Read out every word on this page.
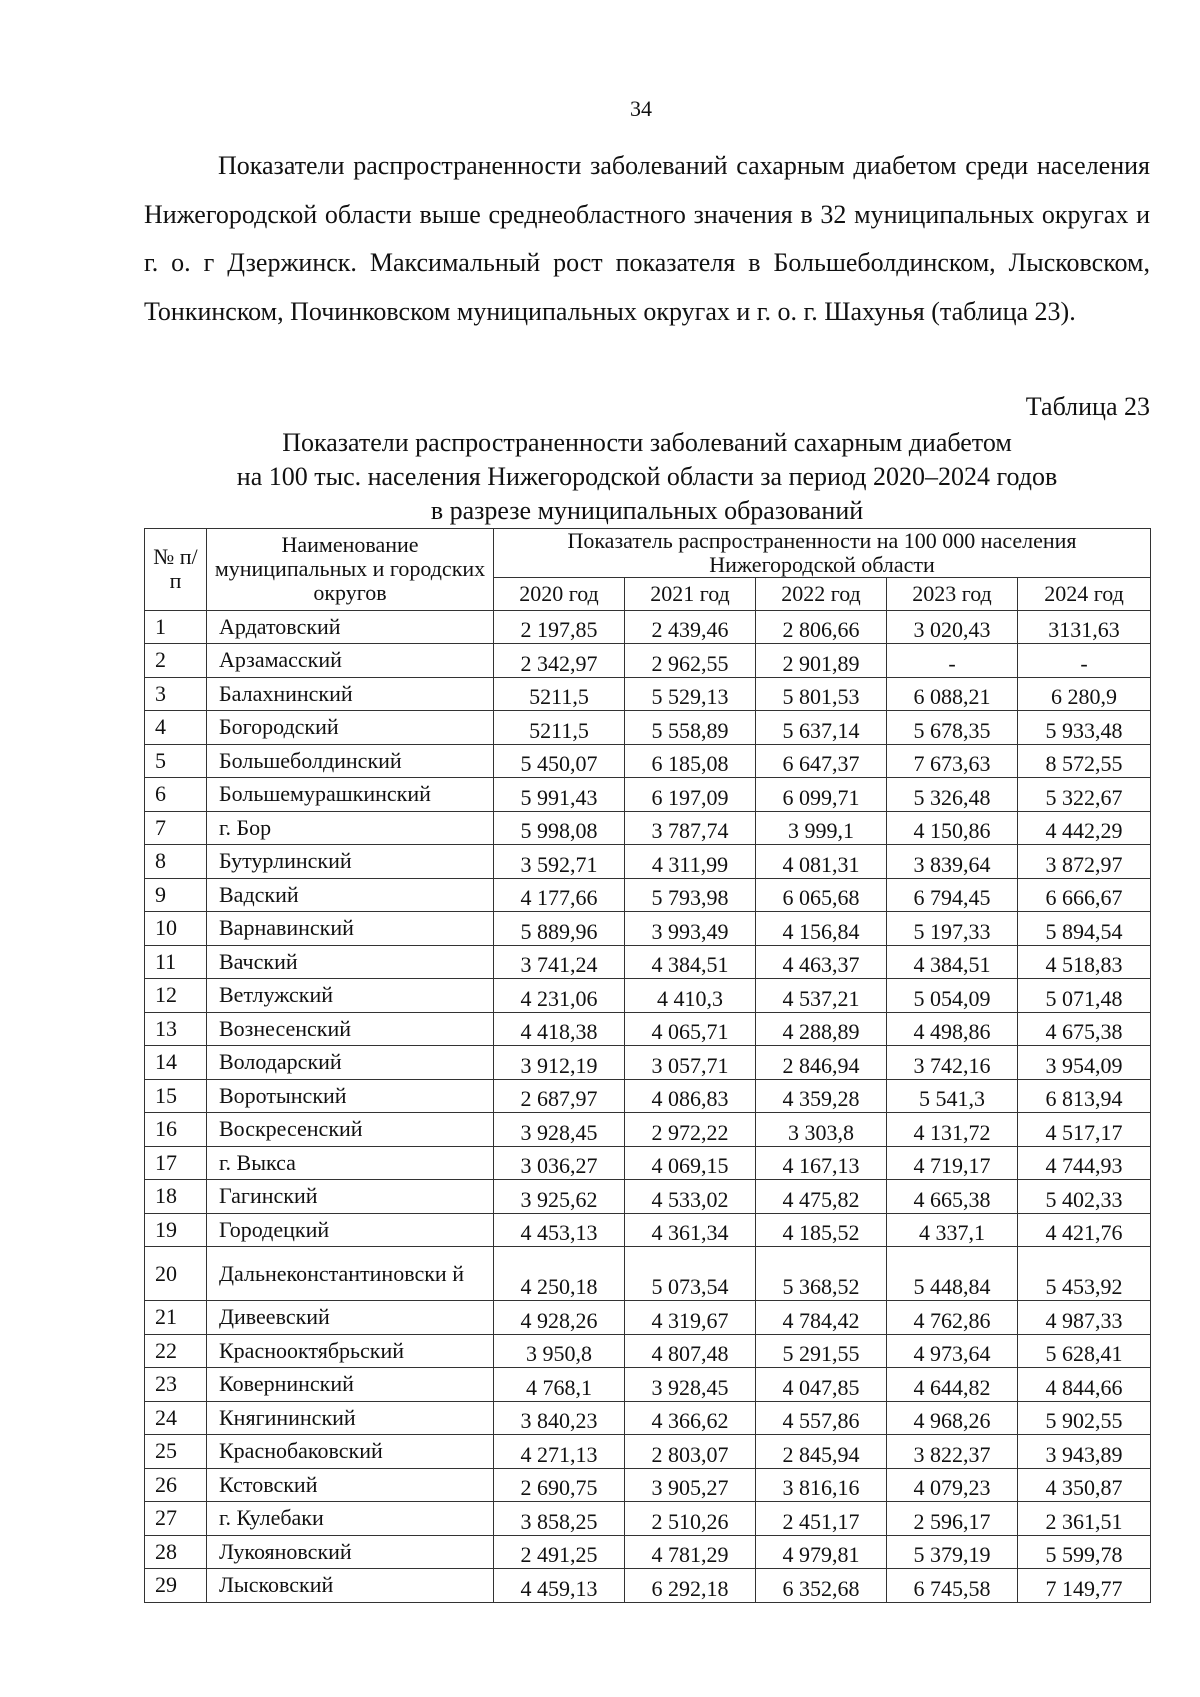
34

Показатели распространенности заболеваний сахарным диабетом среди населения Нижегородской области выше среднеобластного значения в 32 муниципальных округах и г. о. г Дзержинск. Максимальный рост показателя в Большеболдинском, Лысковском, Тонкинском, Починковском муниципальных округах и г. о. г. Шахунья (таблица 23).

Таблица 23
Показатели распространенности заболеваний сахарным диабетом
на 100 тыс. населения Нижегородской области за период 2020–2024 годов
в разрезе муниципальных образований
№ п/п	Наименование муниципальных и городских округов	Показатель распространенности на 100 000 населения Нижегородской области				
		2020 год	2021 год	2022 год	2023 год	2024 год
1	Ардатовский	2 197,85	2 439,46	2 806,66	3 020,43	3131,63
2	Арзамасский	2 342,97	2 962,55	2 901,89	-	-
3	Балахнинский	5211,5	5 529,13	5 801,53	6 088,21	6 280,9
4	Богородский	5211,5	5 558,89	5 637,14	5 678,35	5 933,48
5	Большеболдинский	5 450,07	6 185,08	6 647,37	7 673,63	8 572,55
6	Большемурашкинский	5 991,43	6 197,09	6 099,71	5 326,48	5 322,67
7	г. Бор	5 998,08	3 787,74	3 999,1	4 150,86	4 442,29
8	Бутурлинский	3 592,71	4 311,99	4 081,31	3 839,64	3 872,97
9	Вадский	4 177,66	5 793,98	6 065,68	6 794,45	6 666,67
10	Варнавинский	5 889,96	3 993,49	4 156,84	5 197,33	5 894,54
11	Вачский	3 741,24	4 384,51	4 463,37	4 384,51	4 518,83
12	Ветлужский	4 231,06	4 410,3	4 537,21	5 054,09	5 071,48
13	Вознесенский	4 418,38	4 065,71	4 288,89	4 498,86	4 675,38
14	Володарский	3 912,19	3 057,71	2 846,94	3 742,16	3 954,09
15	Воротынский	2 687,97	4 086,83	4 359,28	5 541,3	6 813,94
16	Воскресенский	3 928,45	2 972,22	3 303,8	4 131,72	4 517,17
17	г. Выкса	3 036,27	4 069,15	4 167,13	4 719,17	4 744,93
18	Гагинский	3 925,62	4 533,02	4 475,82	4 665,38	5 402,33
19	Городецкий	4 453,13	4 361,34	4 185,52	4 337,1	4 421,76
20	Дальнеконстантиновски й	4 250,18	5 073,54	5 368,52	5 448,84	5 453,92
21	Дивеевский	4 928,26	4 319,67	4 784,42	4 762,86	4 987,33
22	Краснооктябрьский	3 950,8	4 807,48	5 291,55	4 973,64	5 628,41
23	Ковернинский	4 768,1	3 928,45	4 047,85	4 644,82	4 844,66
24	Княгининский	3 840,23	4 366,62	4 557,86	4 968,26	5 902,55
25	Краснобаковский	4 271,13	2 803,07	2 845,94	3 822,37	3 943,89
26	Кстовский	2 690,75	3 905,27	3 816,16	4 079,23	4 350,87
27	г. Кулебаки	3 858,25	2 510,26	2 451,17	2 596,17	2 361,51
28	Лукояновский	2 491,25	4 781,29	4 979,81	5 379,19	5 599,78
29	Лысковский	4 459,13	6 292,18	6 352,68	6 745,58	7 149,77
